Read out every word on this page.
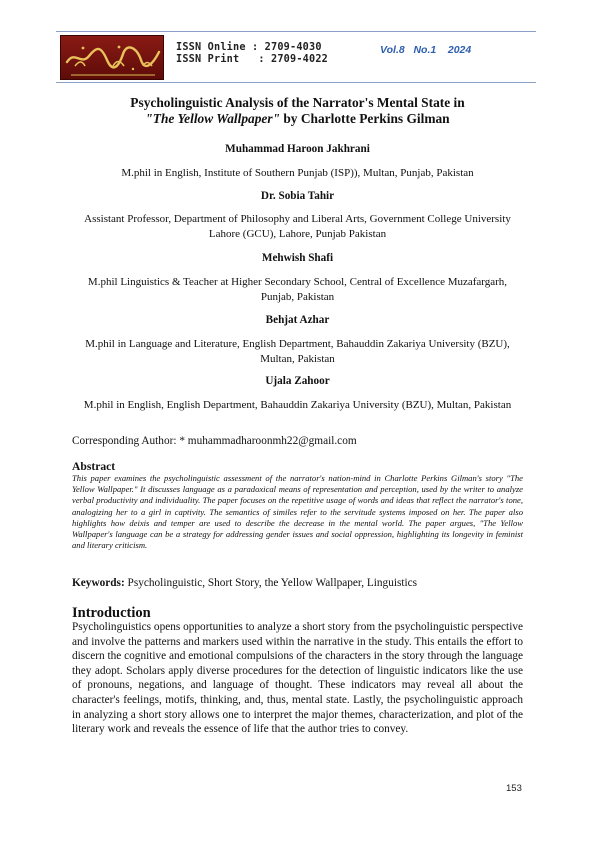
ISSN Online : 2709-4030
ISSN Print   : 2709-4022
Vol.8   No.1    2024
Psycholinguistic Analysis of the Narrator's Mental State in
"The Yellow Wallpaper" by Charlotte Perkins Gilman
Muhammad Haroon Jakhrani
M.phil in English, Institute of Southern Punjab (ISP)), Multan, Punjab, Pakistan
Dr. Sobia Tahir
Assistant Professor, Department of Philosophy and Liberal Arts, Government College University Lahore (GCU), Lahore, Punjab Pakistan
Mehwish Shafi
M.phil Linguistics & Teacher at Higher Secondary School, Central of Excellence Muzafargarh, Punjab, Pakistan
Behjat Azhar
M.phil in Language and Literature, English Department, Bahauddin Zakariya University (BZU), Multan, Pakistan
Ujala Zahoor
M.phil in English, English Department, Bahauddin Zakariya University (BZU), Multan, Pakistan
Corresponding Author: * muhammadharoonmh22@gmail.com
Abstract
This paper examines the psycholinguistic assessment of the narrator's nation-mind in Charlotte Perkins Gilman's story "The Yellow Wallpaper." It discusses language as a paradoxical means of representation and perception, used by the writer to analyze verbal productivity and individuality. The paper focuses on the repetitive usage of words and ideas that reflect the narrator's tone, analogizing her to a girl in captivity. The semantics of similes refer to the servitude systems imposed on her. The paper also highlights how deixis and temper are used to describe the decrease in the mental world. The paper argues, "The Yellow Wallpaper's language can be a strategy for addressing gender issues and social oppression, highlighting its longevity in feminist and literary criticism.
Keywords: Psycholinguistic, Short Story, the Yellow Wallpaper, Linguistics
Introduction
Psycholinguistics opens opportunities to analyze a short story from the psycholinguistic perspective and involve the patterns and markers used within the narrative in the study. This entails the effort to discern the cognitive and emotional compulsions of the characters in the story through the language they adopt. Scholars apply diverse procedures for the detection of linguistic indicators like the use of pronouns, negations, and language of thought. These indicators may reveal all about the character's feelings, motifs, thinking, and, thus, mental state. Lastly, the psycholinguistic approach in analyzing a short story allows one to interpret the major themes, characterization, and plot of the literary work and reveals the essence of life that the author tries to convey.
153
